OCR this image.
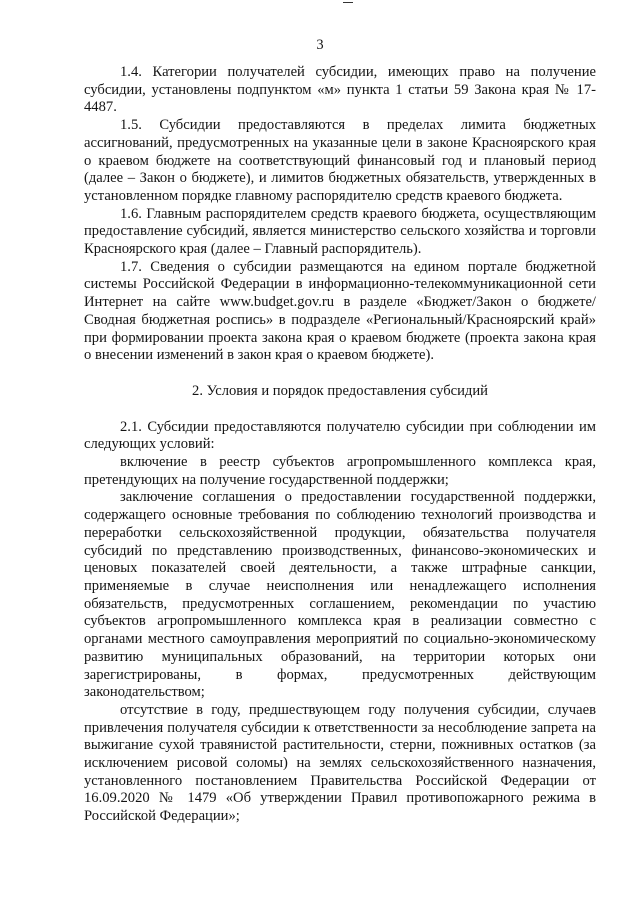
3

1.4. Категории получателей субсидии, имеющих право на получение субсидии, установлены подпунктом «м» пункта 1 статьи 59 Закона края № 17-4487.

1.5. Субсидии предоставляются в пределах лимита бюджетных ассигнований, предусмотренных на указанные цели в законе Красноярского края о краевом бюджете на соответствующий финансовый год и плановый период (далее – Закон о бюджете), и лимитов бюджетных обязательств, утвержденных в установленном порядке главному распорядителю средств краевого бюджета.

1.6. Главным распорядителем средств краевого бюджета, осуществляющим предоставление субсидий, является министерство сельского хозяйства и торговли Красноярского края (далее – Главный распорядитель).

1.7. Сведения о субсидии размещаются на едином портале бюджетной системы Российской Федерации в информационно-телекоммуникационной сети Интернет на сайте www.budget.gov.ru в разделе «Бюджет/Закон о бюджете/Сводная бюджетная роспись» в подразделе «Региональный/Красноярский край» при формировании проекта закона края о краевом бюджете (проекта закона края о внесении изменений в закон края о краевом бюджете).

2. Условия и порядок предоставления субсидий

2.1. Субсидии предоставляются получателю субсидии при соблюдении им следующих условий:

включение в реестр субъектов агропромышленного комплекса края, претендующих на получение государственной поддержки;

заключение соглашения о предоставлении государственной поддержки, содержащего основные требования по соблюдению технологий производства и переработки сельскохозяйственной продукции, обязательства получателя субсидий по представлению производственных, финансово-экономических и ценовых показателей своей деятельности, а также штрафные санкции, применяемые в случае неисполнения или ненадлежащего исполнения обязательств, предусмотренных соглашением, рекомендации по участию субъектов агропромышленного комплекса края в реализации совместно с органами местного самоуправления мероприятий по социально-экономическому развитию муниципальных образований, на территории которых они зарегистрированы, в формах, предусмотренных действующим законодательством;

отсутствие в году, предшествующем году получения субсидии, случаев привлечения получателя субсидии к ответственности за несоблюдение запрета на выжигание сухой травянистой растительности, стерни, пожнивных остатков (за исключением рисовой соломы) на землях сельскохозяйственного назначения, установленного постановлением Правительства Российской Федерации от 16.09.2020 № 1479 «Об утверждении Правил противопожарного режима в Российской Федерации»;
